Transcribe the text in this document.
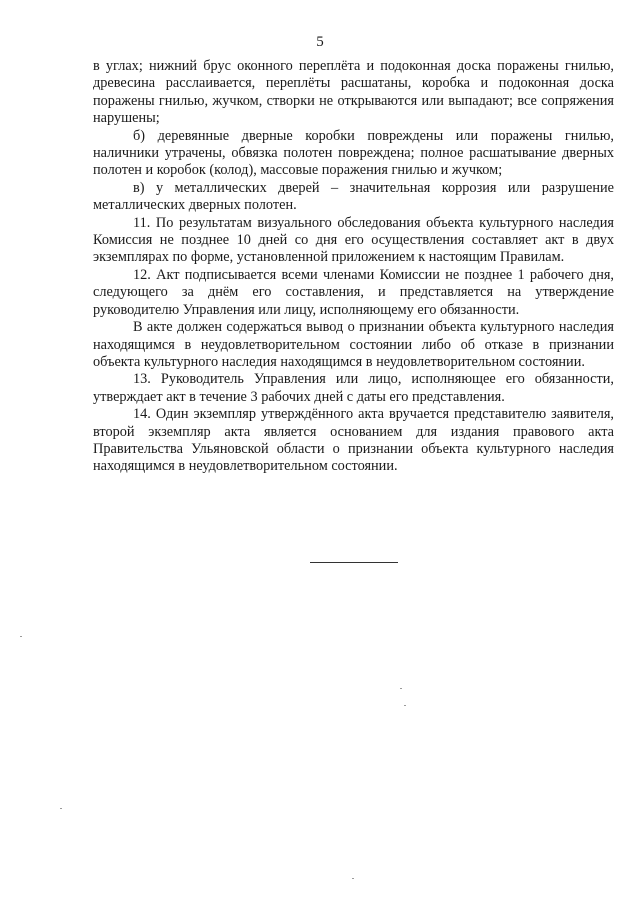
5

в углах; нижний брус оконного переплёта и подоконная доска поражены гнилью, древесина расслаивается, переплёты расшатаны, коробка и подоконная доска поражены гнилью, жучком, створки не открываются или выпадают; все сопряжения нарушены;

б) деревянные дверные коробки повреждены или поражены гнилью, наличники утрачены, обвязка полотен повреждена; полное расшатывание дверных полотен и коробок (колод), массовые поражения гнилью и жучком;

в) у металлических дверей – значительная коррозия или разрушение металлических дверных полотен.

11. По результатам визуального обследования объекта культурного наследия Комиссия не позднее 10 дней со дня его осуществления составляет акт в двух экземплярах по форме, установленной приложением к настоящим Правилам.

12. Акт подписывается всеми членами Комиссии не позднее 1 рабочего дня, следующего за днём его составления, и представляется на утверждение руководителю Управления или лицу, исполняющему его обязанности.

В акте должен содержаться вывод о признании объекта культурного наследия находящимся в неудовлетворительном состоянии либо об отказе в признании объекта культурного наследия находящимся в неудовлетворительном состоянии.

13. Руководитель Управления или лицо, исполняющее его обязанности, утверждает акт в течение 3 рабочих дней с даты его представления.

14. Один экземпляр утверждённого акта вручается представителю заявителя, второй экземпляр акта является основанием для издания правового акта Правительства Ульяновской области о признании объекта культурного наследия находящимся в неудовлетворительном состоянии.
